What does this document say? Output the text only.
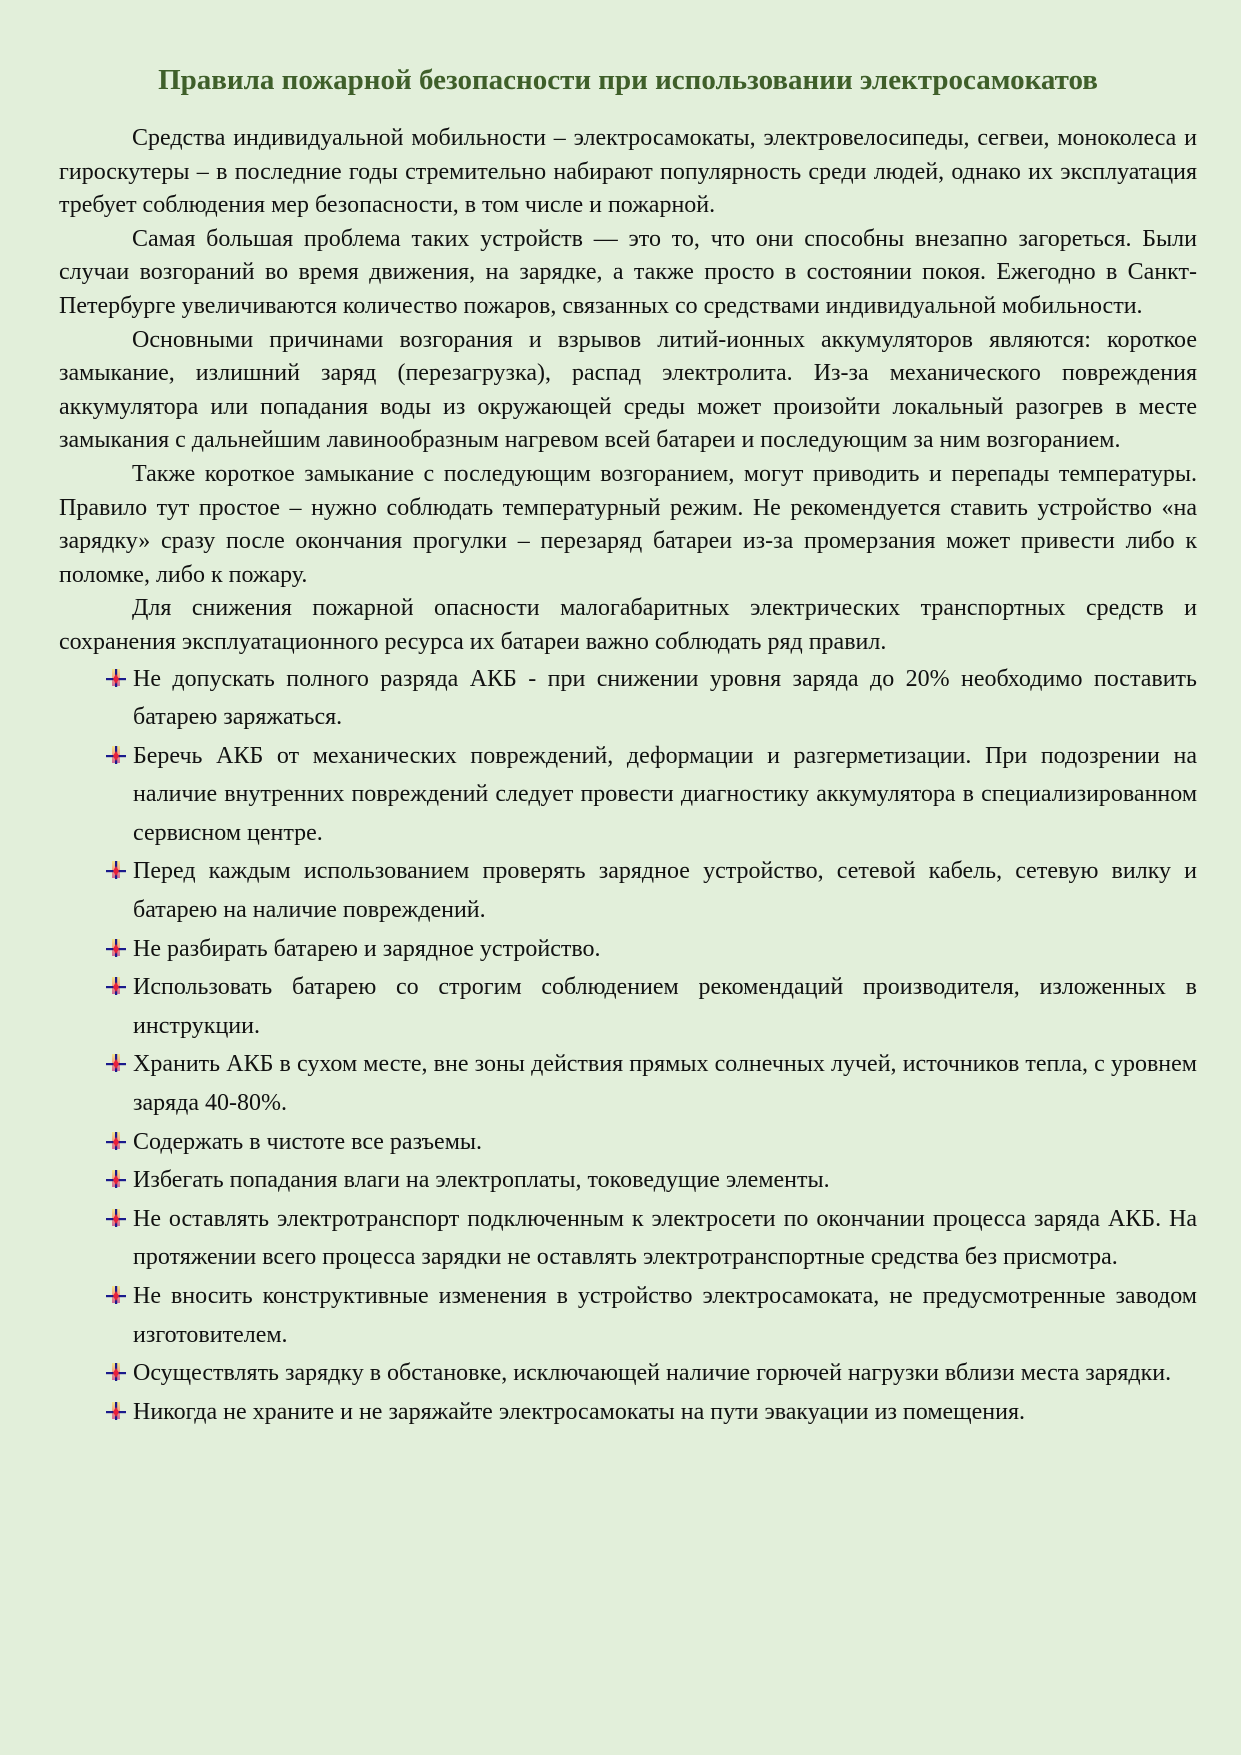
Правила пожарной безопасности при использовании электросамокатов

Средства индивидуальной мобильности – электросамокаты, электровелосипеды, сегвеи, моноколеса и гироскутеры – в последние годы стремительно набирают популярность среди людей, однако их эксплуатация требует соблюдения мер безопасности, в том числе и пожарной.

Самая большая проблема таких устройств — это то, что они способны внезапно загореться. Были случаи возгораний во время движения, на зарядке, а также просто в состоянии покоя. Ежегодно в Санкт-Петербурге увеличиваются количество пожаров, связанных со средствами индивидуальной мобильности.

Основными причинами возгорания и взрывов литий-ионных аккумуляторов являются: короткое замыкание, излишний заряд (перезагрузка), распад электролита. Из-за механического повреждения аккумулятора или попадания воды из окружающей среды может произойти локальный разогрев в месте замыкания с дальнейшим лавинообразным нагревом всей батареи и последующим за ним возгоранием.

Также короткое замыкание с последующим возгоранием, могут приводить и перепады температуры. Правило тут простое – нужно соблюдать температурный режим. Не рекомендуется ставить устройство «на зарядку» сразу после окончания прогулки – перезаряд батареи из-за промерзания может привести либо к поломке, либо к пожару.

Для снижения пожарной опасности малогабаритных электрических транспортных средств и сохранения эксплуатационного ресурса их батареи важно соблюдать ряд правил.

Не допускать полного разряда АКБ - при снижении уровня заряда до 20% необходимо поставить батарею заряжаться.
Беречь АКБ от механических повреждений, деформации и разгерметизации. При подозрении на наличие внутренних повреждений следует провести диагностику аккумулятора в специализированном сервисном центре.
Перед каждым использованием проверять зарядное устройство, сетевой кабель, сетевую вилку и батарею на наличие повреждений.
Не разбирать батарею и зарядное устройство.
Использовать батарею со строгим соблюдением рекомендаций производителя, изложенных в инструкции.
Хранить АКБ в сухом месте, вне зоны действия прямых солнечных лучей, источников тепла, с уровнем заряда 40-80%.
Содержать в чистоте все разъемы.
Избегать попадания влаги на электроплаты, токоведущие элементы.
Не оставлять электротранспорт подключенным к электросети по окончании процесса заряда АКБ. На протяжении всего процесса зарядки не оставлять электротранспортные средства без присмотра.
Не вносить конструктивные изменения в устройство электросамоката, не предусмотренные заводом изготовителем.
Осуществлять зарядку в обстановке, исключающей наличие горючей нагрузки вблизи места зарядки.
Никогда не храните и не заряжайте электросамокаты на пути эвакуации из помещения.
